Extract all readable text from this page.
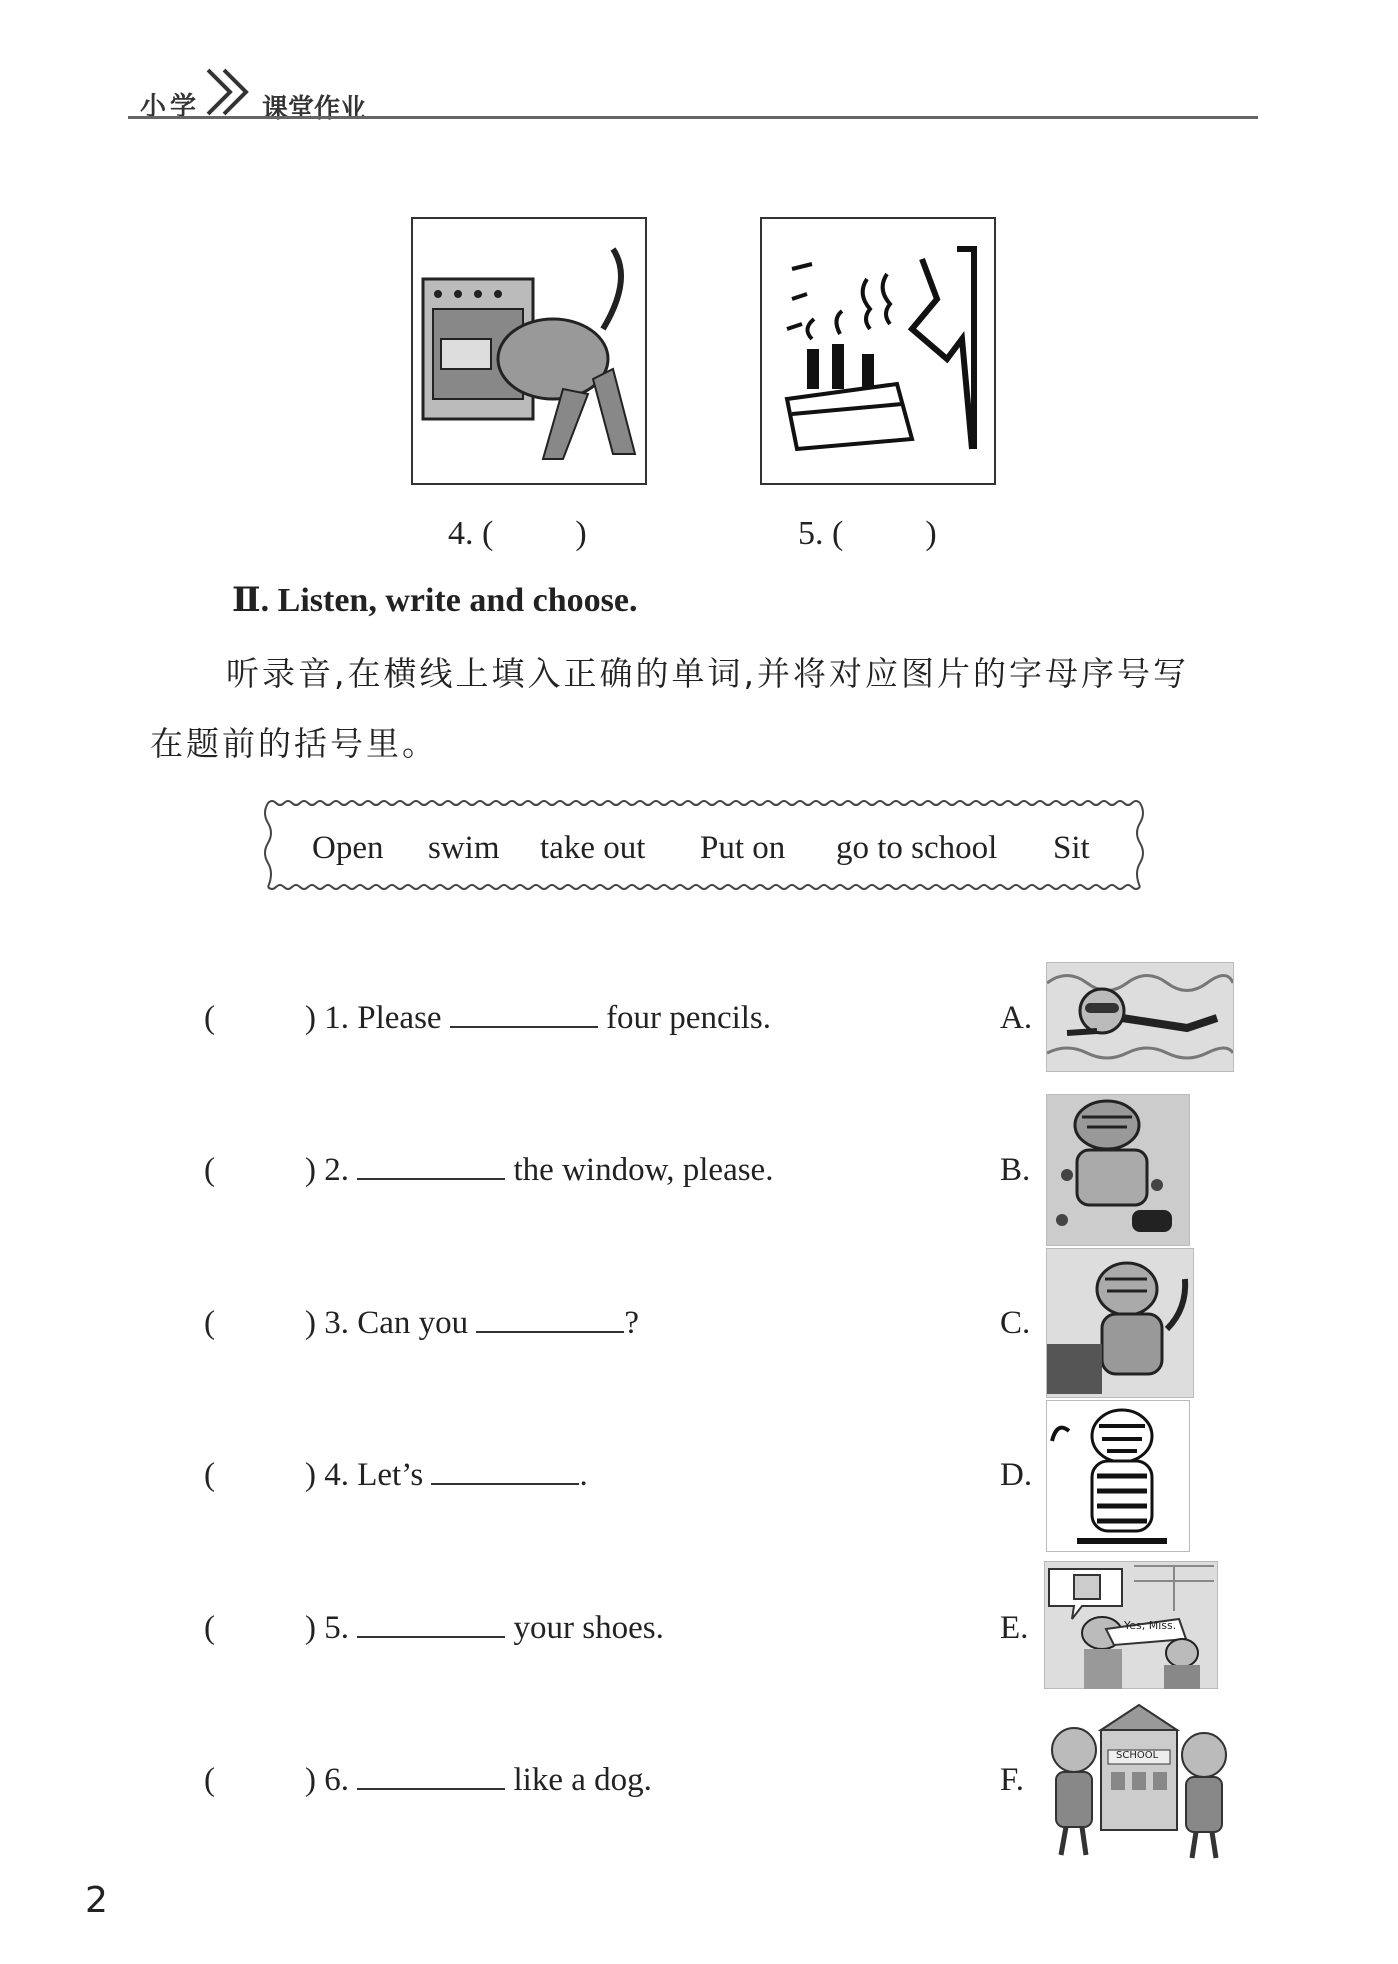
小学 课堂作业
4. ( )	5. ( )
Ⅱ. Listen, write and choose.
听录音,在横线上填入正确的单词,并将对应图片的字母序号写
在题前的括号里。
Open swim take out Put on go to school Sit
(	) 1. Please	four pencils.
(	) 2.	the window, please.
(	) 3. Can you	?
(	) 4. Let’s	.
(	) 5.	your shoes.
(	) 6.	like a dog.
A.
B.
C.
D.
E.	Yes, Miss.
F.
SCHOOL
2
